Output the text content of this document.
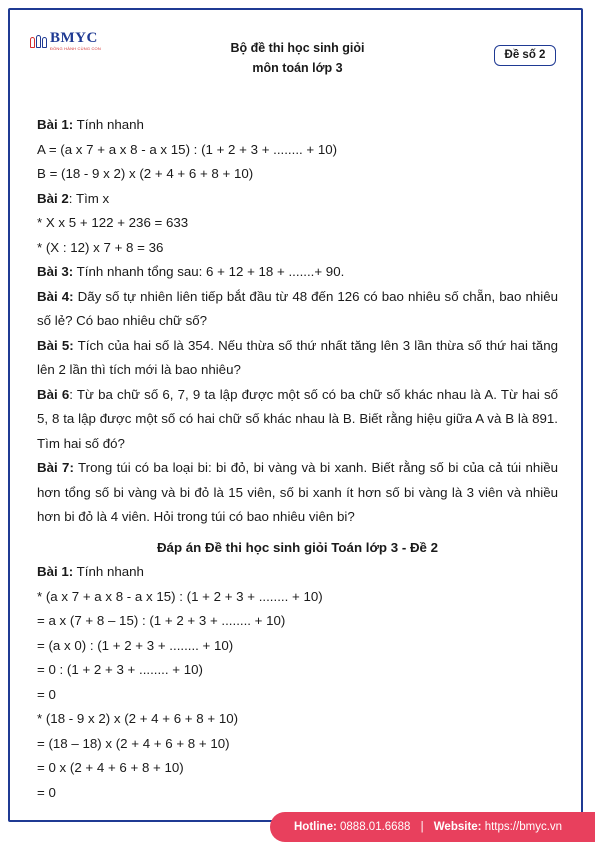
BMYC
ĐỒNG HÀNH CÙNG CON	Bộ đề thi học sinh giỏi
môn toán lớp 3
Đề số 2
Bài 1: Tính nhanh
A = (a x 7 + a x 8 - a x 15) : (1 + 2 + 3 + ........ + 10)
B = (18 - 9 x 2) x (2 + 4 + 6 + 8 + 10)
Bài 2: Tìm x
* X x 5 + 122 + 236 = 633
* (X : 12) x 7 + 8 = 36
Bài 3: Tính nhanh tổng sau: 6 + 12 + 18 + .......+ 90.
Bài 4: Dãy số tự nhiên liên tiếp bắt đầu từ 48 đến 126 có bao nhiêu số chẵn, bao nhiêu số lẻ? Có bao nhiêu chữ số?
Bài 5: Tích của hai số là 354. Nếu thừa số thứ nhất tăng lên 3 lần thừa số thứ hai tăng lên 2 lần thì tích mới là bao nhiêu?
Bài 6: Từ ba chữ số 6, 7, 9 ta lập được một số có ba chữ số khác nhau là A. Từ hai số 5, 8 ta lập được một số có hai chữ số khác nhau là B. Biết rằng hiệu giữa A và B là 891. Tìm hai số đó?
Bài 7: Trong túi có ba loại bi: bi đỏ, bi vàng và bi xanh. Biết rằng số bi của cả túi nhiều hơn tổng số bi vàng và bi đỏ là 15 viên, số bi xanh ít hơn số bi vàng là 3 viên và nhiều hơn bi đỏ là 4 viên. Hỏi trong túi có bao nhiêu viên bi?
Đáp án Đề thi học sinh giỏi Toán lớp 3 - Đề 2
Bài 1: Tính nhanh
* (a x 7 + a x 8 - a x 15) : (1 + 2 + 3 + ........ + 10)
= a x (7 + 8 – 15) : (1 + 2 + 3 + ........ + 10)
= (a x 0) : (1 + 2 + 3 + ........ + 10)
= 0 : (1 + 2 + 3 + ........ + 10)
= 0
* (18 - 9 x 2) x (2 + 4 + 6 + 8 + 10)
= (18 – 18) x (2 + 4 + 6 + 8 + 10)
= 0 x (2 + 4 + 6 + 8 + 10)
= 0
Hotline: 0888.01.6688 | Website: https://bmyc.vn
